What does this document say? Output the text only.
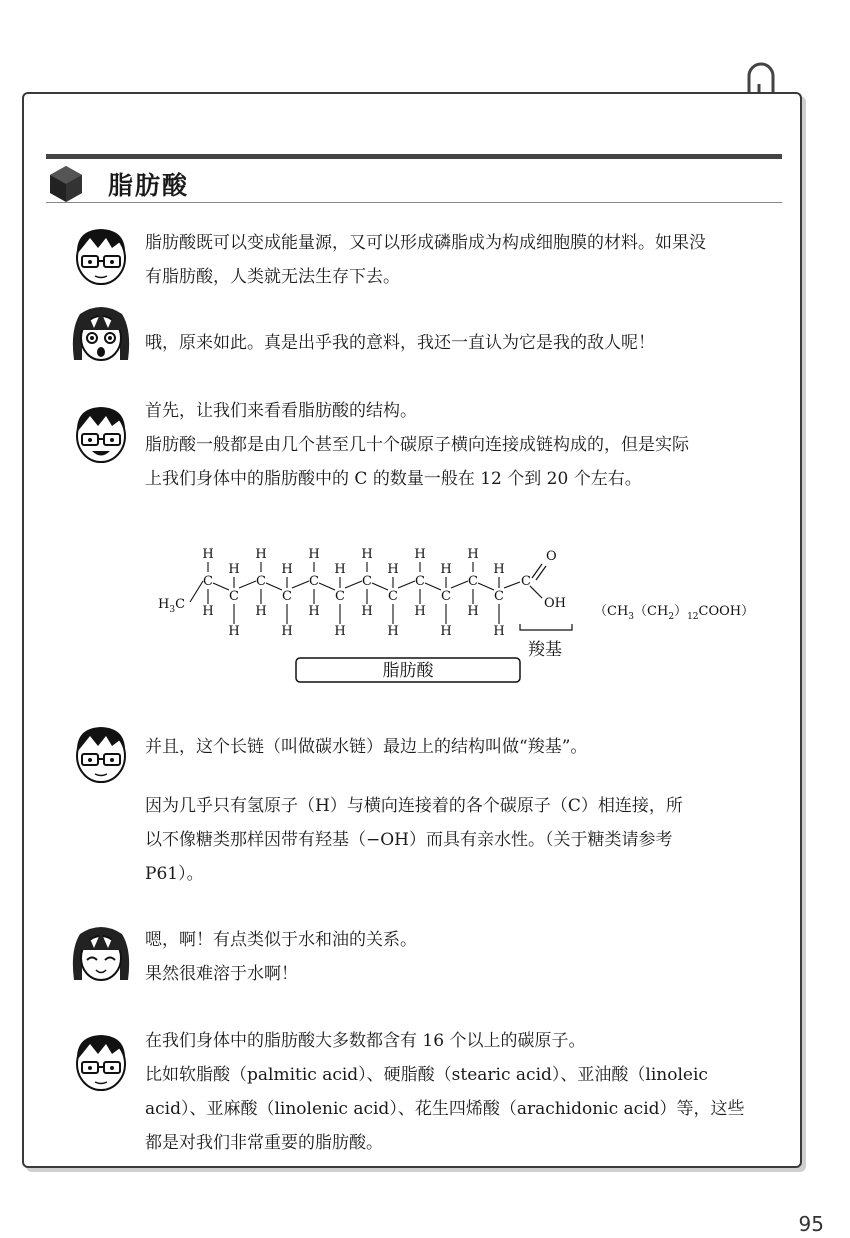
脂肪酸
脂肪酸既可以变成能量源，又可以形成磷脂成为构成细胞膜的材料。如果没
有脂肪酸，人类就无法生存下去。
哦，原来如此。真是出乎我的意料，我还一直认为它是我的敌人呢！
首先，让我们来看看脂肪酸的结构。
脂肪酸一般都是由几个甚至几十个碳原子横向连接成链构成的，但是实际
上我们身体中的脂肪酸中的 C 的数量一般在 12 个到 20 个左右。
$H_3C$
C
H
H
C
H
H
C
H
H
C
H
H
C
H
H
C
H
H
C
H
H
C
H
H
C
H
H
C
H
H
C
H
H
C
H
H
C
O
OH
$(CH_3(CH_2)_{12}COOH)$
羧基
脂肪酸
并且，这个长链（叫做碳水链）最边上的结构叫做“羧基”。
因为几乎只有氢原子（H）与横向连接着的各个碳原子（C）相连接，所
以不像糖类那样因带有羟基（−OH）而具有亲水性。（关于糖类请参考
P61）。
嗯，啊！有点类似于水和油的关系。
果然很难溶于水啊！
在我们身体中的脂肪酸大多数都含有 16 个以上的碳原子。
比如软脂酸（palmitic acid）、硬脂酸（stearic acid）、亚油酸（linoleic
acid）、亚麻酸（linolenic acid）、花生四烯酸（arachidonic acid）等，这些
都是对我们非常重要的脂肪酸。
95
